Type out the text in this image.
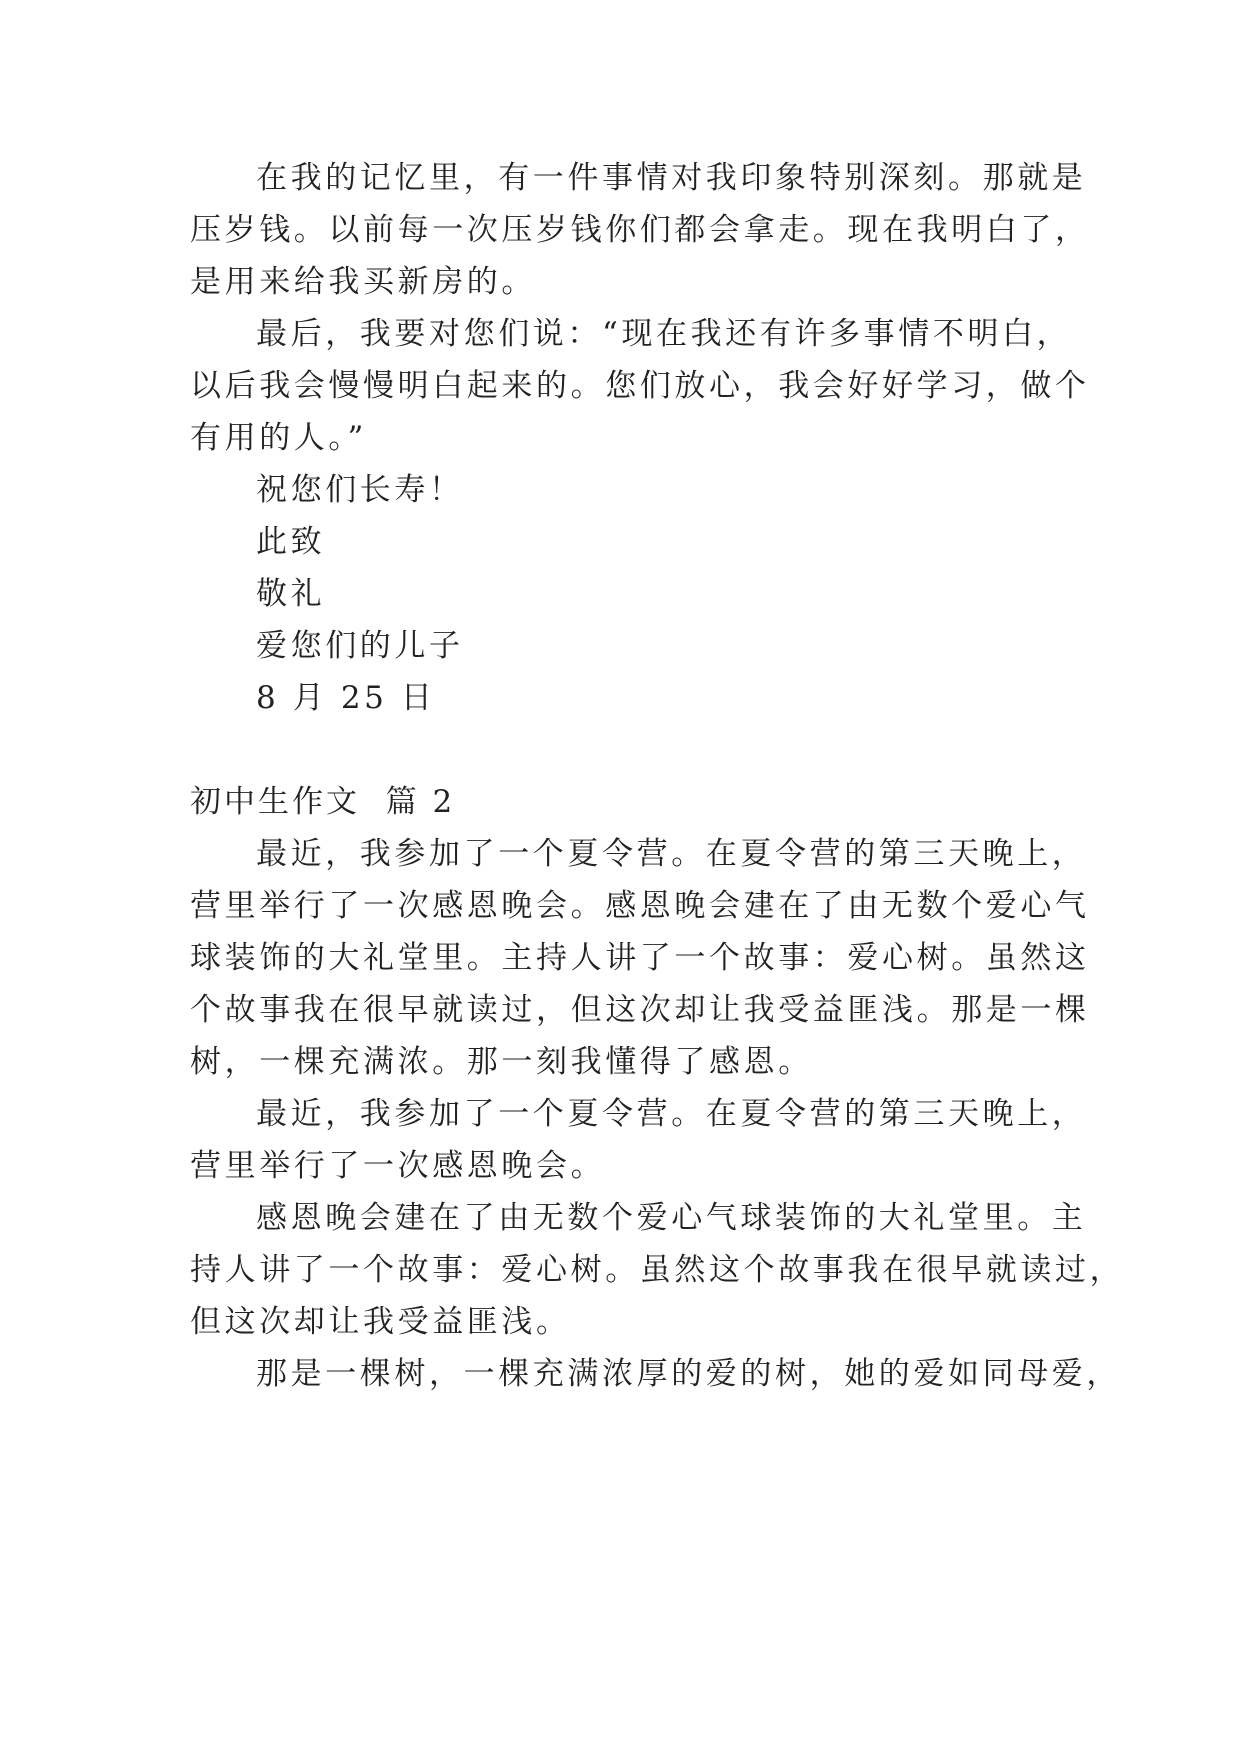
在我的记忆里，有一件事情对我印象特别深刻。那就是
压岁钱。以前每一次压岁钱你们都会拿走。现在我明白了，
是用来给我买新房的。
最后，我要对您们说：“现在我还有许多事情不明白，
以后我会慢慢明白起来的。您们放心，我会好好学习，做个
有用的人。”
祝您们长寿！
此致
敬礼
爱您们的儿子
8 月 25 日
初中生作文  篇 2
最近，我参加了一个夏令营。在夏令营的第三天晚上，
营里举行了一次感恩晚会。感恩晚会建在了由无数个爱心气
球装饰的大礼堂里。主持人讲了一个故事：爱心树。虽然这
个故事我在很早就读过，但这次却让我受益匪浅。那是一棵
树，一棵充满浓。那一刻我懂得了感恩。
最近，我参加了一个夏令营。在夏令营的第三天晚上，
营里举行了一次感恩晚会。
感恩晚会建在了由无数个爱心气球装饰的大礼堂里。主
持人讲了一个故事：爱心树。虽然这个故事我在很早就读过，
但这次却让我受益匪浅。
那是一棵树，一棵充满浓厚的爱的树，她的爱如同母爱，
